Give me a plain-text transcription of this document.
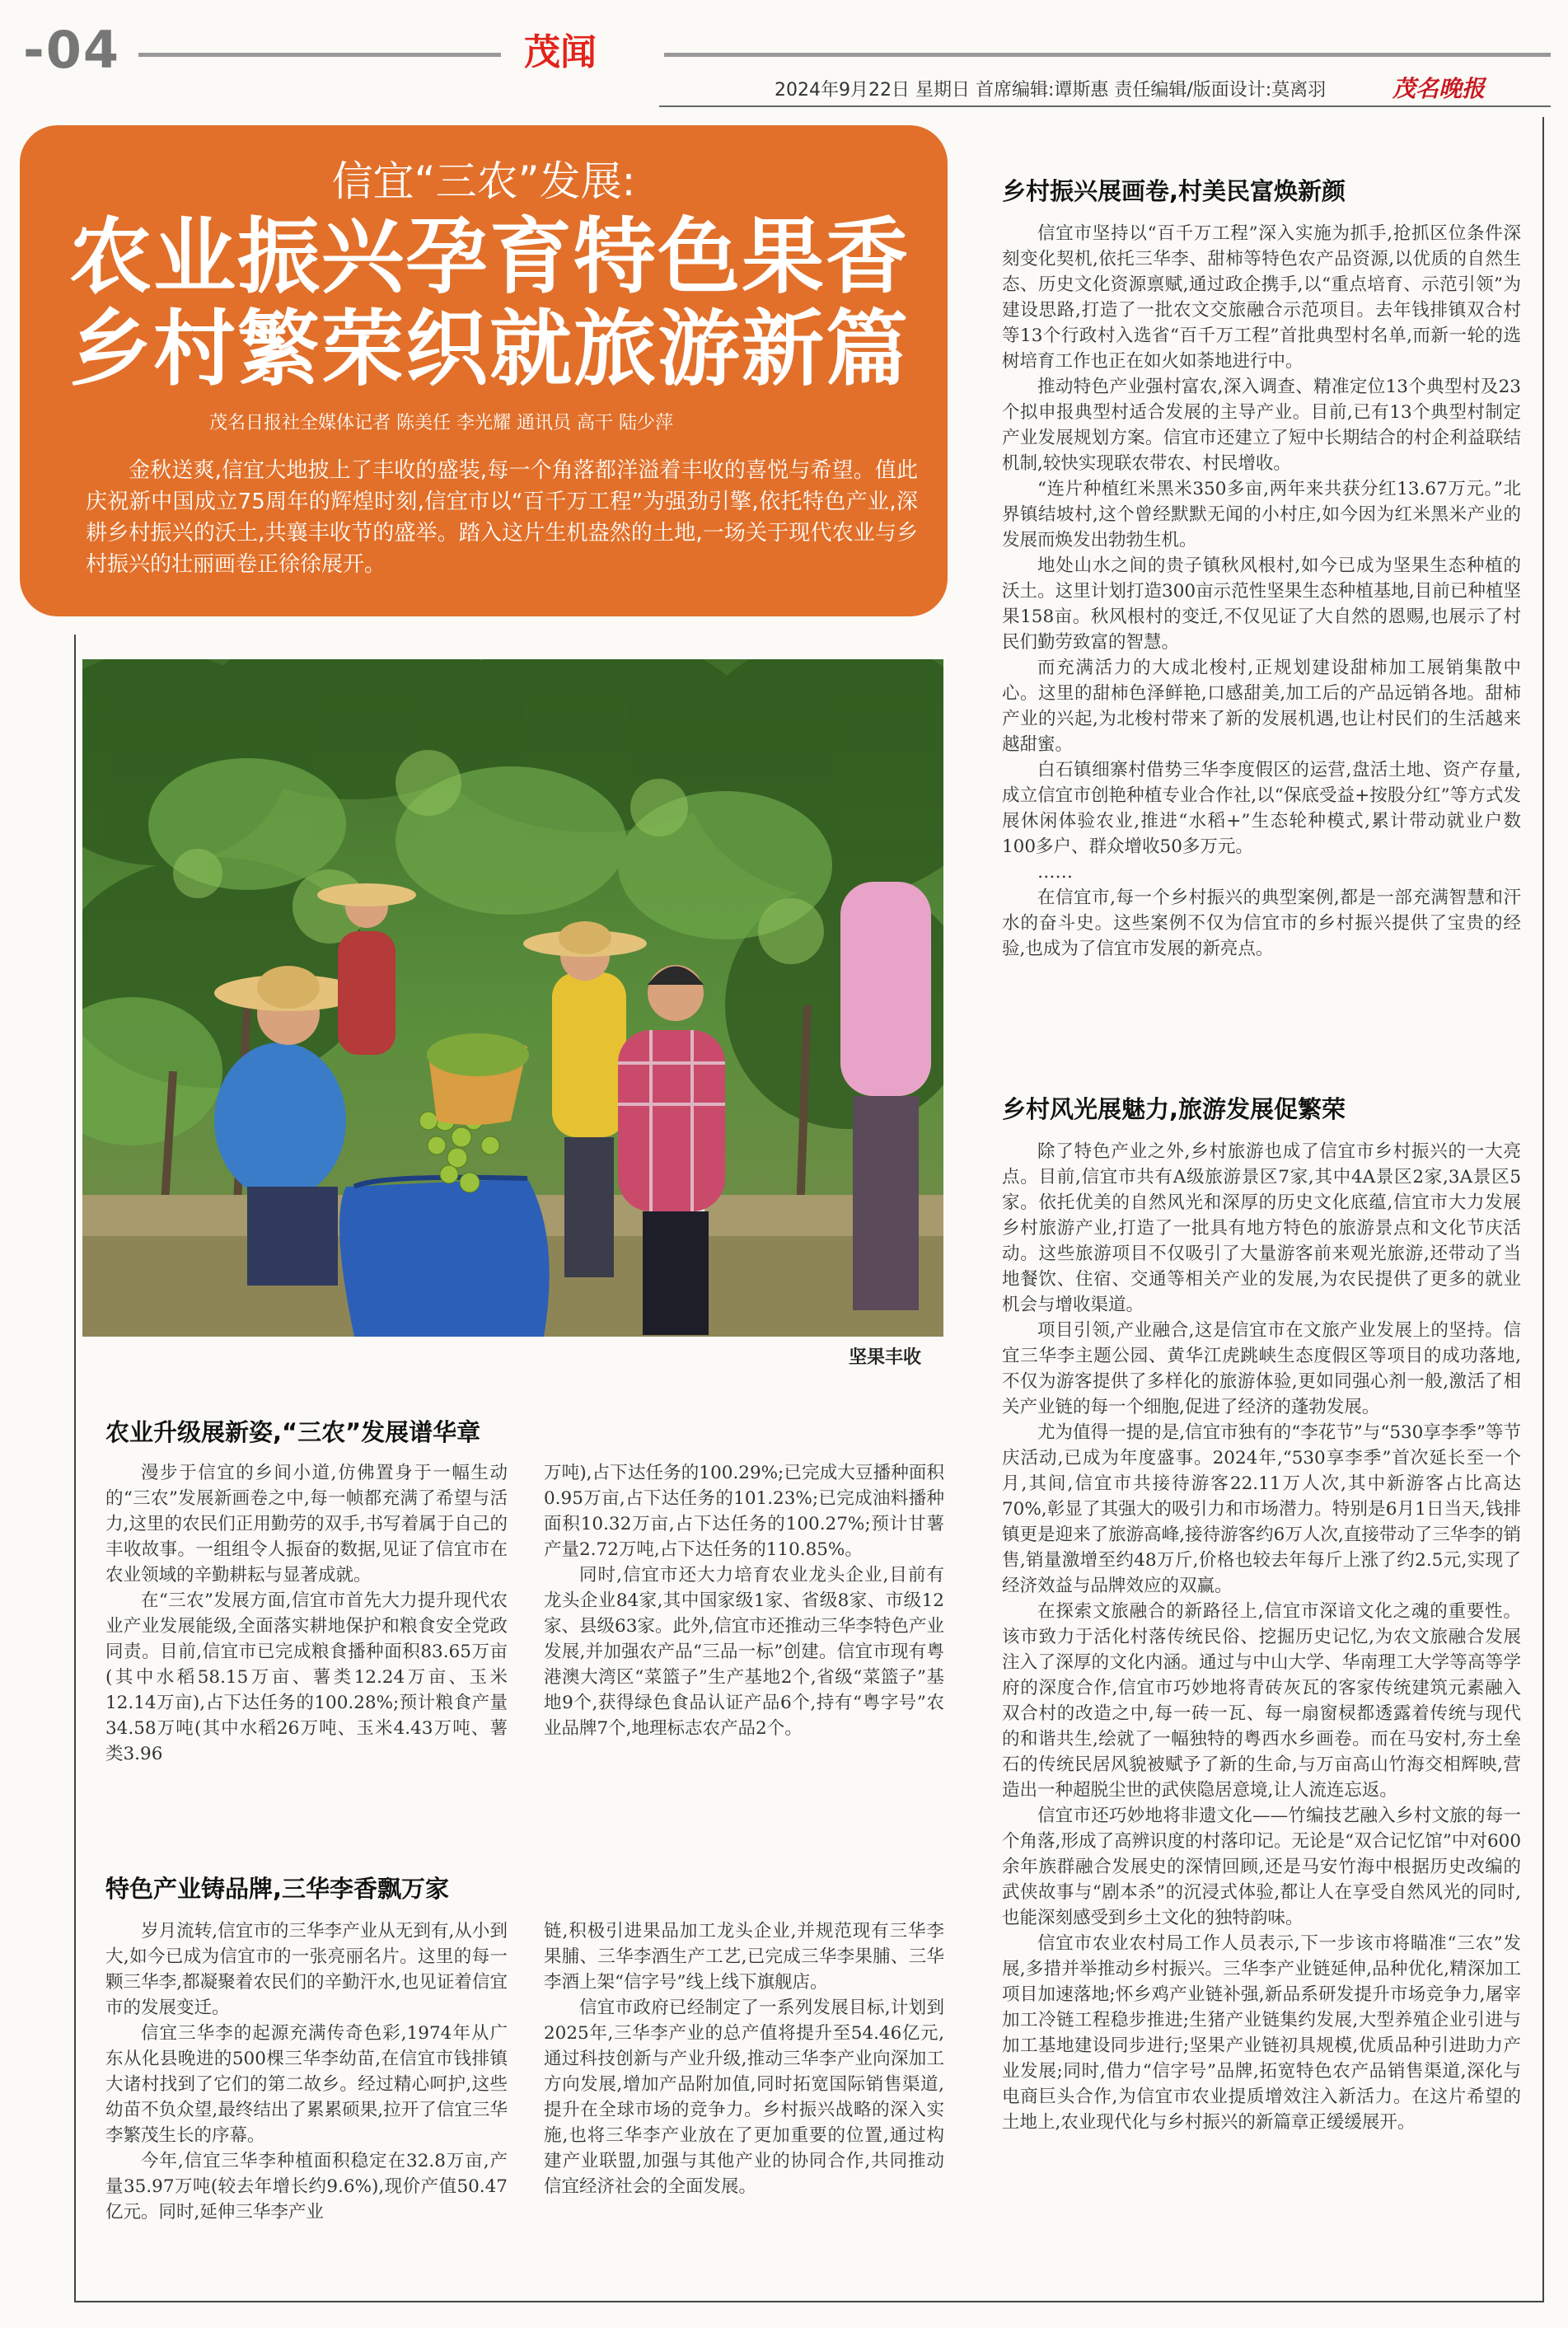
-04	茂闻
2024年9月22日 星期日 首席编辑:谭斯惠 责任编辑/版面设计:莫离羽	茂名晚报
信宜“三农”发展:
农业振兴孕育特色果香
乡村繁荣织就旅游新篇
茂名日报社全媒体记者 陈美任 李光耀 通讯员 高干 陆少萍
金秋送爽,信宜大地披上了丰收的盛装,每一个角落都洋溢着丰收的喜悦与希望。值此庆祝新中国成立75周年的辉煌时刻,信宜市以“百千万工程”为强劲引擎,依托特色产业,深耕乡村振兴的沃土,共襄丰收节的盛举。踏入这片生机盎然的土地,一场关于现代农业与乡村振兴的壮丽画卷正徐徐展开。
坚果丰收
农业升级展新姿,“三农”发展谱华章

漫步于信宜的乡间小道,仿佛置身于一幅生动的“三农”发展新画卷之中,每一帧都充满了希望与活力,这里的农民们正用勤劳的双手,书写着属于自己的丰收故事。一组组令人振奋的数据,见证了信宜市在农业领域的辛勤耕耘与显著成就。

在“三农”发展方面,信宜市首先大力提升现代农业产业发展能级,全面落实耕地保护和粮食安全党政同责。目前,信宜市已完成粮食播种面积83.65万亩(其中水稻58.15万亩、薯类12.24万亩、玉米12.14万亩),占下达任务的100.28%;预计粮食产量34.58万吨(其中水稻26万吨、玉米4.43万吨、薯类3.96

万吨),占下达任务的100.29%;已完成大豆播种面积0.95万亩,占下达任务的101.23%;已完成油料播种面积10.32万亩,占下达任务的100.27%;预计甘薯产量2.72万吨,占下达任务的110.85%。

同时,信宜市还大力培育农业龙头企业,目前有龙头企业84家,其中国家级1家、省级8家、市级12家、县级63家。此外,信宜市还推动三华李特色产业发展,并加强农产品“三品一标”创建。信宜市现有粤港澳大湾区“菜篮子”生产基地2个,省级“菜篮子”基地9个,获得绿色食品认证产品6个,持有“粤字号”农业品牌7个,地理标志农产品2个。

特色产业铸品牌,三华李香飘万家

岁月流转,信宜市的三华李产业从无到有,从小到大,如今已成为信宜市的一张亮丽名片。这里的每一颗三华李,都凝聚着农民们的辛勤汗水,也见证着信宜市的发展变迁。

信宜三华李的起源充满传奇色彩,1974年从广东从化县晚进的500棵三华李幼苗,在信宜市钱排镇大诸村找到了它们的第二故乡。经过精心呵护,这些幼苗不负众望,最终结出了累累硕果,拉开了信宜三华李繁茂生长的序幕。

今年,信宜三华李种植面积稳定在32.8万亩,产量35.97万吨(较去年增长约9.6%),现价产值50.47亿元。同时,延伸三华李产业

链,积极引进果品加工龙头企业,并规范现有三华李果脯、三华李酒生产工艺,已完成三华李果脯、三华李酒上架“信字号”线上线下旗舰店。

信宜市政府已经制定了一系列发展目标,计划到2025年,三华李产业的总产值将提升至54.46亿元,通过科技创新与产业升级,推动三华李产业向深加工方向发展,增加产品附加值,同时拓宽国际销售渠道,提升在全球市场的竞争力。乡村振兴战略的深入实施,也将三华李产业放在了更加重要的位置,通过构建产业联盟,加强与其他产业的协同合作,共同推动信宜经济社会的全面发展。

乡村振兴展画卷,村美民富焕新颜

信宜市坚持以“百千万工程”深入实施为抓手,抢抓区位条件深刻变化契机,依托三华李、甜柿等特色农产品资源,以优质的自然生态、历史文化资源禀赋,通过政企携手,以“重点培育、示范引领”为建设思路,打造了一批农文交旅融合示范项目。去年钱排镇双合村等13个行政村入选省“百千万工程”首批典型村名单,而新一轮的选树培育工作也正在如火如荼地进行中。

推动特色产业强村富农,深入调查、精准定位13个典型村及23个拟申报典型村适合发展的主导产业。目前,已有13个典型村制定产业发展规划方案。信宜市还建立了短中长期结合的村企利益联结机制,较快实现联农带农、村民增收。

“连片种植红米黑米350多亩,两年来共获分红13.67万元。”北界镇结坡村,这个曾经默默无闻的小村庄,如今因为红米黑米产业的发展而焕发出勃勃生机。

地处山水之间的贵子镇秋风根村,如今已成为坚果生态种植的沃土。这里计划打造300亩示范性坚果生态种植基地,目前已种植坚果158亩。秋风根村的变迁,不仅见证了大自然的恩赐,也展示了村民们勤劳致富的智慧。

而充满活力的大成北梭村,正规划建设甜柿加工展销集散中心。这里的甜柿色泽鲜艳,口感甜美,加工后的产品远销各地。甜柿产业的兴起,为北梭村带来了新的发展机遇,也让村民们的生活越来越甜蜜。

白石镇细寨村借势三华李度假区的运营,盘活土地、资产存量,成立信宜市创艳种植专业合作社,以“保底受益+按股分红”等方式发展休闲体验农业,推进“水稻+”生态轮种模式,累计带动就业户数100多户、群众增收50多万元。

……

在信宜市,每一个乡村振兴的典型案例,都是一部充满智慧和汗水的奋斗史。这些案例不仅为信宜市的乡村振兴提供了宝贵的经验,也成为了信宜市发展的新亮点。

乡村风光展魅力,旅游发展促繁荣

除了特色产业之外,乡村旅游也成了信宜市乡村振兴的一大亮点。目前,信宜市共有A级旅游景区7家,其中4A景区2家,3A景区5家。依托优美的自然风光和深厚的历史文化底蕴,信宜市大力发展乡村旅游产业,打造了一批具有地方特色的旅游景点和文化节庆活动。这些旅游项目不仅吸引了大量游客前来观光旅游,还带动了当地餐饮、住宿、交通等相关产业的发展,为农民提供了更多的就业机会与增收渠道。

项目引领,产业融合,这是信宜市在文旅产业发展上的坚持。信宜三华李主题公园、黄华江虎跳峡生态度假区等项目的成功落地,不仅为游客提供了多样化的旅游体验,更如同强心剂一般,激活了相关产业链的每一个细胞,促进了经济的蓬勃发展。

尤为值得一提的是,信宜市独有的“李花节”与“530享李季”等节庆活动,已成为年度盛事。2024年,“530享李季”首次延长至一个月,其间,信宜市共接待游客22.11万人次,其中新游客占比高达70%,彰显了其强大的吸引力和市场潜力。特别是6月1日当天,钱排镇更是迎来了旅游高峰,接待游客约6万人次,直接带动了三华李的销售,销量激增至约48万斤,价格也较去年每斤上涨了约2.5元,实现了经济效益与品牌效应的双赢。

在探索文旅融合的新路径上,信宜市深谙文化之魂的重要性。该市致力于活化村落传统民俗、挖掘历史记忆,为农文旅融合发展注入了深厚的文化内涵。通过与中山大学、华南理工大学等高等学府的深度合作,信宜市巧妙地将青砖灰瓦的客家传统建筑元素融入双合村的改造之中,每一砖一瓦、每一扇窗棂都透露着传统与现代的和谐共生,绘就了一幅独特的粤西水乡画卷。而在马安村,夯土垒石的传统民居风貌被赋予了新的生命,与万亩高山竹海交相辉映,营造出一种超脱尘世的武侠隐居意境,让人流连忘返。

信宜市还巧妙地将非遗文化——竹编技艺融入乡村文旅的每一个角落,形成了高辨识度的村落印记。无论是“双合记忆馆”中对600余年族群融合发展史的深情回顾,还是马安竹海中根据历史改编的武侠故事与“剧本杀”的沉浸式体验,都让人在享受自然风光的同时,也能深刻感受到乡土文化的独特韵味。

信宜市农业农村局工作人员表示,下一步该市将瞄准“三农”发展,多措并举推动乡村振兴。三华李产业链延伸,品种优化,精深加工项目加速落地;怀乡鸡产业链补强,新品系研发提升市场竞争力,屠宰加工冷链工程稳步推进;生猪产业链集约发展,大型养殖企业引进与加工基地建设同步进行;坚果产业链初具规模,优质品种引进助力产业发展;同时,借力“信字号”品牌,拓宽特色农产品销售渠道,深化与电商巨头合作,为信宜市农业提质增效注入新活力。在这片希望的土地上,农业现代化与乡村振兴的新篇章正缓缓展开。
